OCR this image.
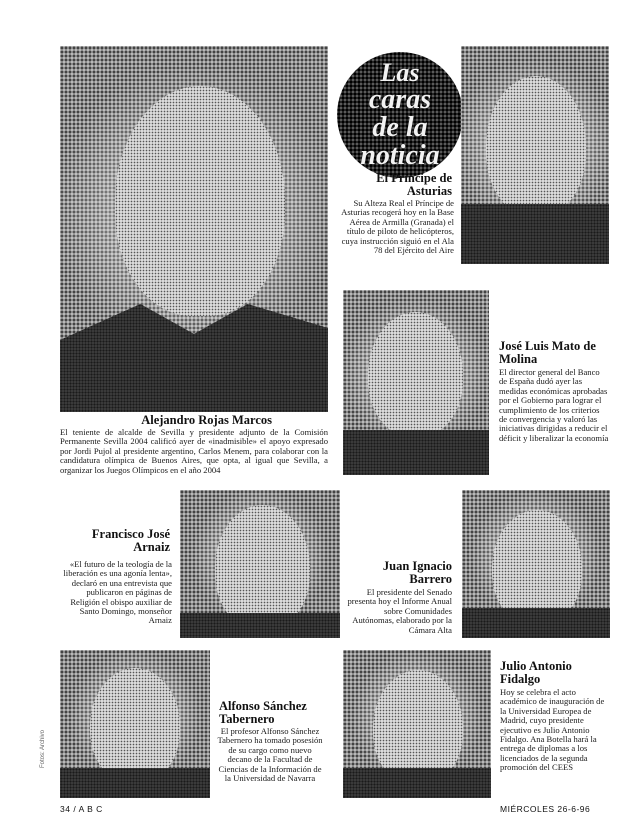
Las
caras
de la
noticia
Alejandro Rojas Marcos
El teniente de alcalde de Sevilla y presidente adjunto de la Comisión Permanente Sevilla 2004 calificó ayer de «inadmisible» el apoyo expresado por Jordi Pujol al presidente argentino, Carlos Menem, para colaborar con la candidatura olímpica de Buenos Aires, que opta, al igual que Sevilla, a organizar los Juegos Olímpicos en el año 2004
El Príncipe de Asturias
Su Alteza Real el Príncipe de Asturias recogerá hoy en la Base Aérea de Armilla (Granada) el título de piloto de helicópteros, cuya instrucción siguió en el Ala 78 del Ejército del Aire
José Luis Mato de Molina
El director general del Banco de España dudó ayer las medidas económicas aprobadas por el Gobierno para lograr el cumplimiento de los criterios de convergencia y valoró las iniciativas dirigidas a reducir el déficit y liberalizar la economía
Francisco José Arnaiz
«El futuro de la teología de la liberación es una agonía lenta», declaró en una entrevista que publicaron en páginas de Religión el obispo auxiliar de Santo Domingo, monseñor Arnaiz
Juan Ignacio Barrero
El presidente del Senado presenta hoy el Informe Anual sobre Comunidades Autónomas, elaborado por la Cámara Alta
Alfonso Sánchez Tabernero
El profesor Alfonso Sánchez Tabernero ha tomado posesión de su cargo como nuevo decano de la Facultad de Ciencias de la Información de la Universidad de Navarra
Julio Antonio Fidalgo
Hoy se celebra el acto académico de inauguración de la Universidad Europea de Madrid, cuyo presidente ejecutivo es Julio Antonio Fidalgo. Ana Botella hará la entrega de diplomas a los licenciados de la segunda promoción del CEES
Fotos: Archivo
34 / A B C	MIÉRCOLES 26-6-96
